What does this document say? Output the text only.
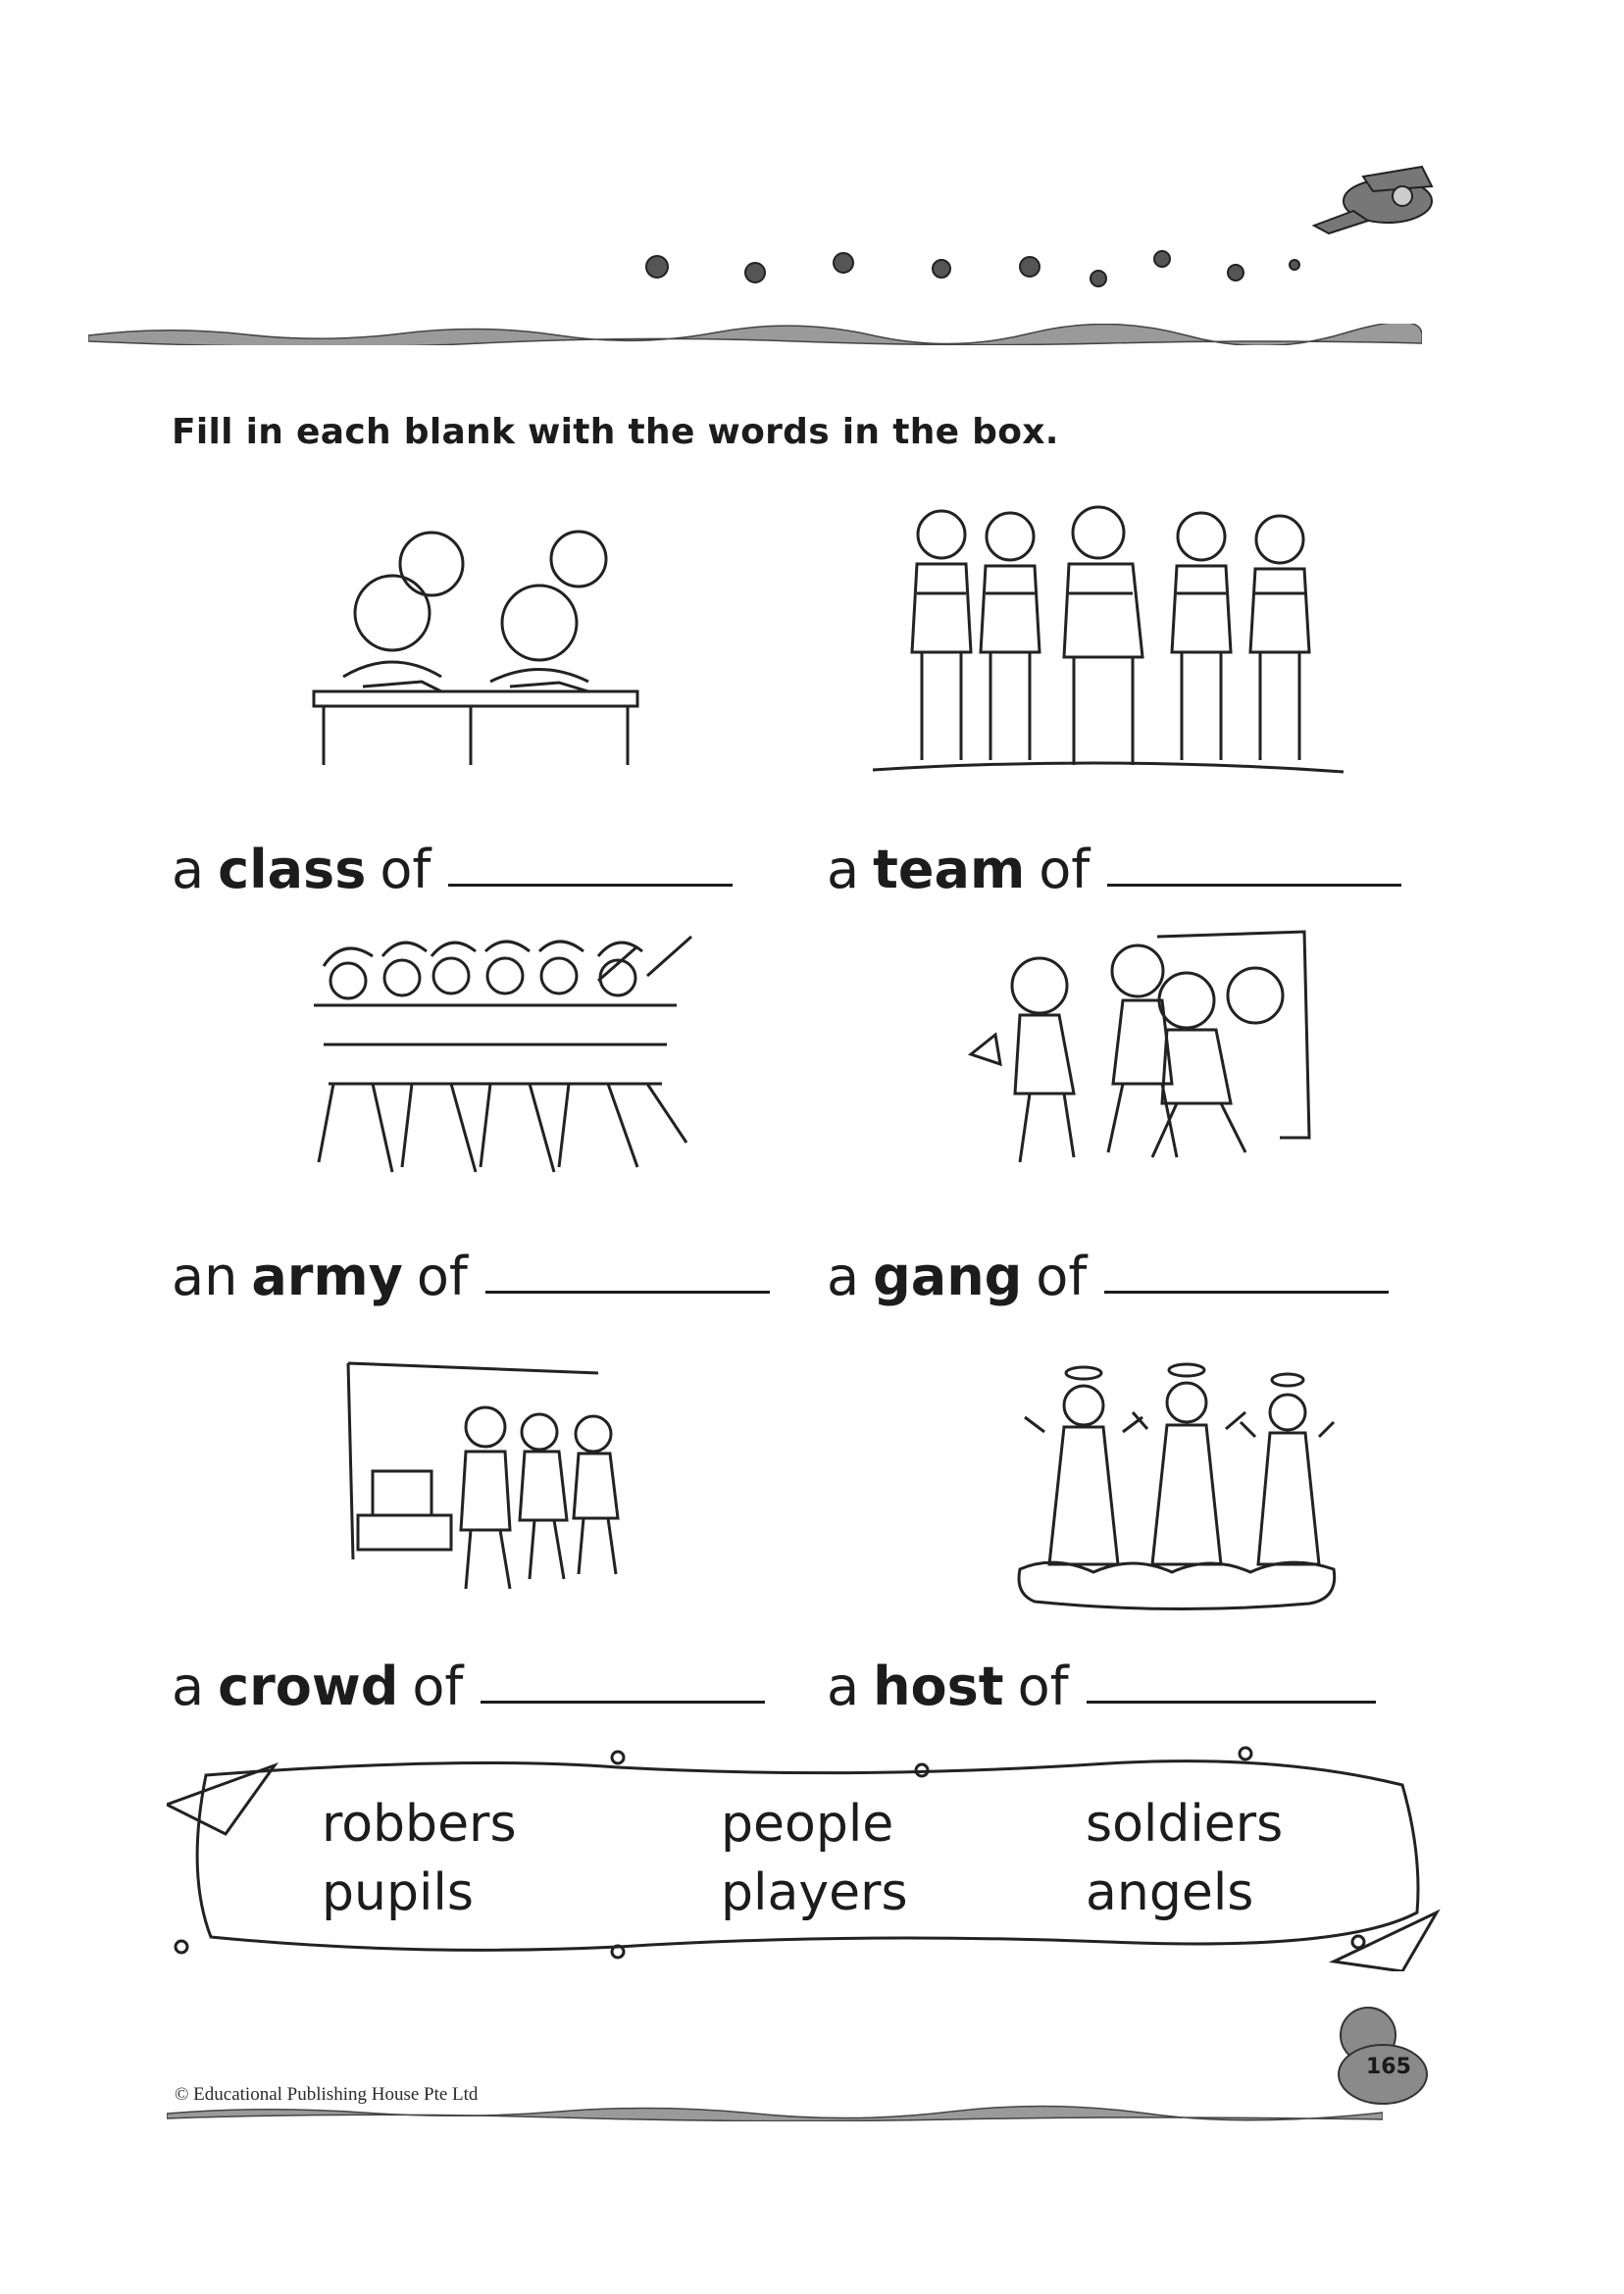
Fill in each blank with the words in the box.
a class of	a team of
an army of	a gang of
a crowd of	a host of
robbers	people	soldiers
pupils	players	angels
165
© Educational Publishing House Pte Ltd
